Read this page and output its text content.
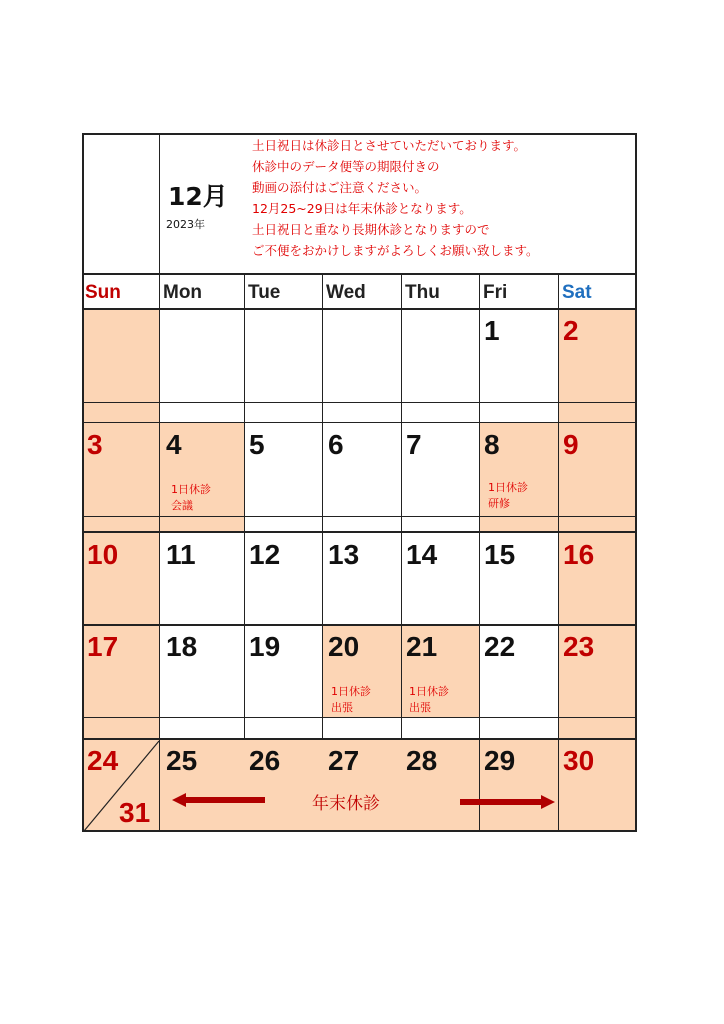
12月
2023年
土日祝日は休診日とさせていただいております。
休診中のデータ便等の期限付きの
動画の添付はご注意ください。
12月25~29日は年末休診となります。
土日祝日と重なり長期休診となりますので
ご不便をおかけしますがよろしくお願い致します。
Sun Mon Tue Wed Thu Fri	Sat
1 2
3 4
1日休診
会議
5 6 7 8
1日休診
研修
9
10 11 12 13 14 15 16
17 18 19 20
1日休診
出張
21
1日休診
出張
22 23
24
31
25 26 27 28 29 30
年末休診
